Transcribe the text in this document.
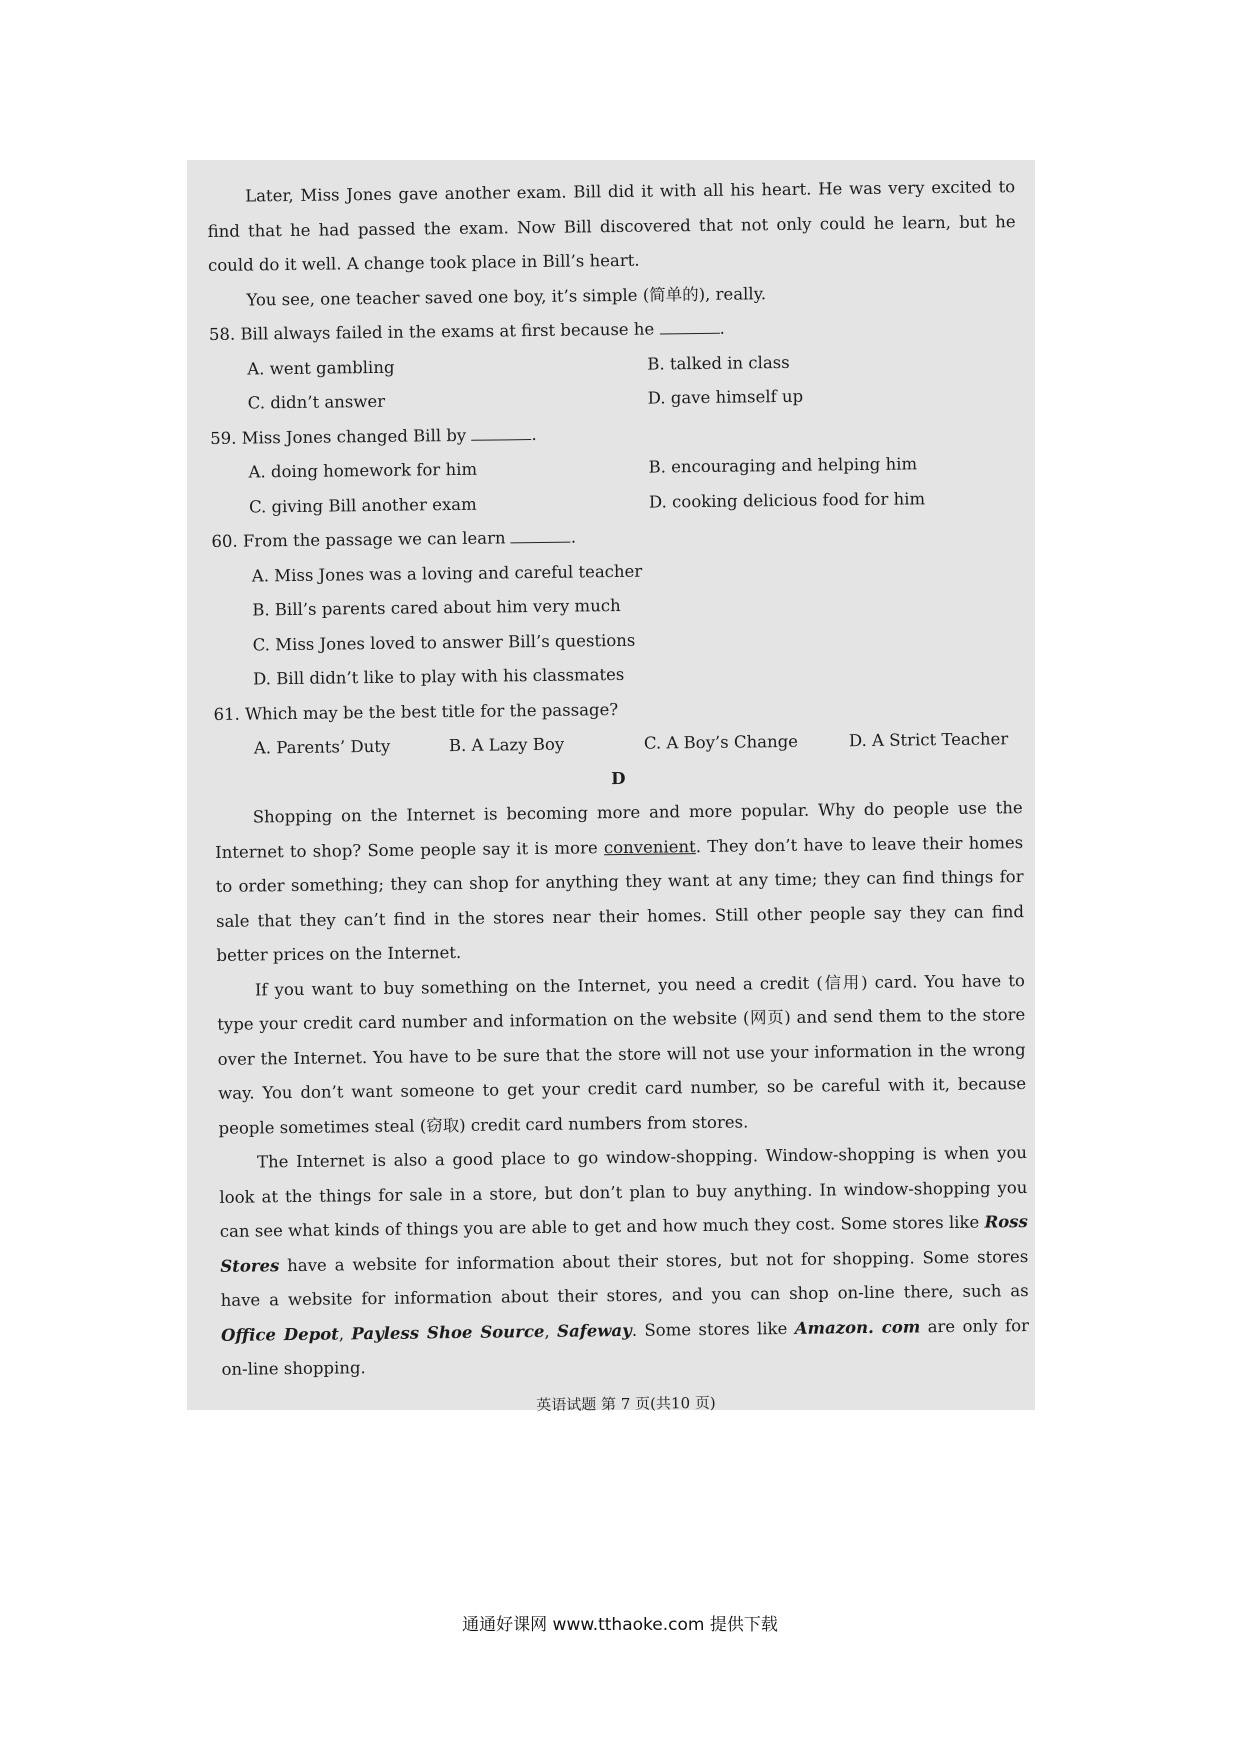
Later, Miss Jones gave another exam. Bill did it with all his heart. He was very excited to find that he had passed the exam. Now Bill discovered that not only could he learn, but he could do it well. A change took place in Bill’s heart.

You see, one teacher saved one boy, it’s simple (简单的), really.

58. Bill always failed in the exams at first because he	.

A. went gambling	B. talked in class
C. didn’t answer	D. gave himself up

59. Miss Jones changed Bill by	.

A. doing homework for him	B. encouraging and helping him
C. giving Bill another exam	D. cooking delicious food for him

60. From the passage we can learn	.

A. Miss Jones was a loving and careful teacher

B. Bill’s parents cared about him very much

C. Miss Jones loved to answer Bill’s questions

D. Bill didn’t like to play with his classmates

61. Which may be the best title for the passage?

A. Parents’ Duty	B. A Lazy Boy	C. A Boy’s Change	D. A Strict Teacher

D

Shopping on the Internet is becoming more and more popular. Why do people use the Internet to shop? Some people say it is more convenient. They don’t have to leave their homes to order something; they can shop for anything they want at any time; they can find things for sale that they can’t find in the stores near their homes. Still other people say they can find better prices on the Internet.

If you want to buy something on the Internet, you need a credit (信用) card. You have to type your credit card number and information on the website (网页) and send them to the store over the Internet. You have to be sure that the store will not use your information in the wrong way. You don’t want someone to get your credit card number, so be careful with it, because people sometimes steal (窃取) credit card numbers from stores.

The Internet is also a good place to go window-shopping. Window-shopping is when you look at the things for sale in a store, but don’t plan to buy anything. In window-shopping you can see what kinds of things you are able to get and how much they cost. Some stores like Ross Stores have a website for information about their stores, but not for shopping. Some stores have a website for information about their stores, and you can shop on-line there, such as Office Depot, Payless Shoe Source, Safeway. Some stores like Amazon. com are only for on-line shopping.

英语试题 第 7 页(共10 页)

通通好课网 www.tthaoke.com 提供下载
